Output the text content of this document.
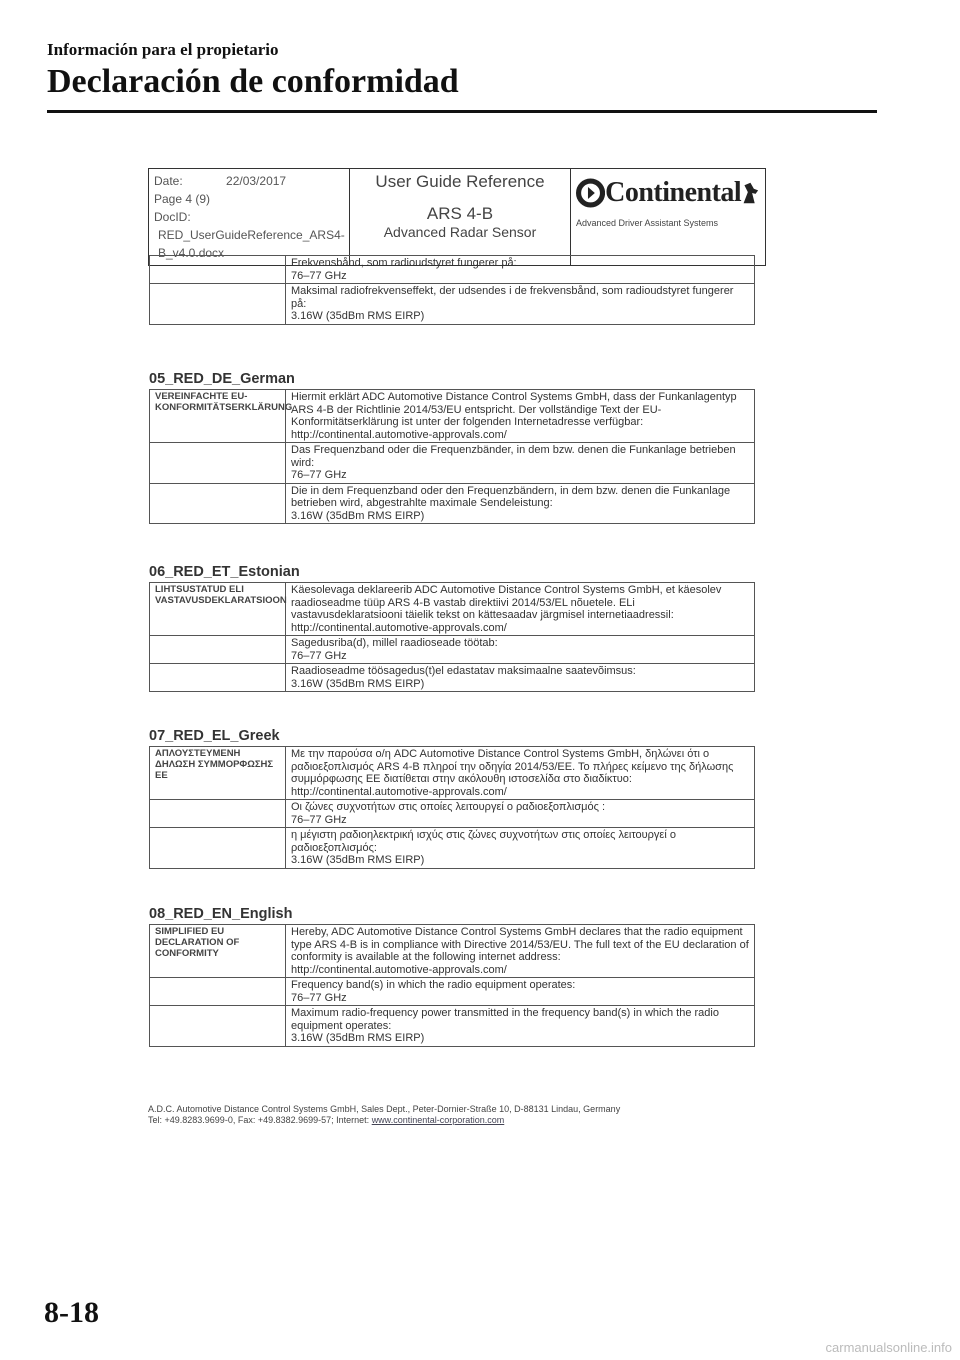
Información para el propietario

Declaración de conformidad
Date:	22/03/2017
Page 4 (9)
DocID:
RED_UserGuideReference_ARS4-B_v4.0.docx

User Guide Reference
ARS 4-B
Advanced Radar Sensor

Continental
Advanced Driver Assistant Systems
	Frekvensbånd, som radioudstyret fungerer på:
76–77 GHz
	Maksimal radiofrekvenseffekt, der udsendes i de frekvensbånd, som radioudstyret fungerer på:
3.16W (35dBm RMS EIRP)
05_RED_DE_German
VEREINFACHTE EU-KONFORMITÄTSERKLÄRUNG	Hiermit erklärt ADC Automotive Distance Control Systems GmbH, dass der Funkanlagentyp ARS 4-B der Richtlinie 2014/53/EU entspricht. Der vollständige Text der EU-Konformitätserklärung ist unter der folgenden Internetadresse verfügbar:
http://continental.automotive-approvals.com/
	Das Frequenzband oder die Frequenzbänder, in dem bzw. denen die Funkanlage betrieben wird:
76–77 GHz
	Die in dem Frequenzband oder den Frequenzbändern, in dem bzw. denen die Funkanlage betrieben wird, abgestrahlte maximale Sendeleistung:
3.16W (35dBm RMS EIRP)
06_RED_ET_Estonian
LIHTSUSTATUD ELI VASTAVUSDEKLARATSIOON	Käesolevaga deklareerib ADC Automotive Distance Control Systems GmbH, et käesolev raadioseadme tüüp ARS 4-B vastab direktiivi 2014/53/EL nõuetele. ELi vastavusdeklaratsiooni täielik tekst on kättesaadav järgmisel internetiaadressil:
http://continental.automotive-approvals.com/
	Sagedusriba(d), millel raadioseade töötab:
76–77 GHz
	Raadioseadme töösagedus(t)el edastatav maksimaalne saatevõimsus:
3.16W (35dBm RMS EIRP)
07_RED_EL_Greek
ΑΠΛΟΥΣΤΕΥΜΕΝΗ ΔΗΛΩΣΗ ΣΥΜΜΟΡΦΩΣΗΣ ΕΕ	Με την παρούσα ο/η ADC Automotive Distance Control Systems GmbH, δηλώνει ότι ο ραδιοεξοπλισμός ARS 4-B πληροί την οδηγία 2014/53/ΕΕ. Το πλήρες κείμενο της δήλωσης συμμόρφωσης ΕΕ διατίθεται στην ακόλουθη ιστοσελίδα στο διαδίκτυο:
http://continental.automotive-approvals.com/
	Οι ζώνες συχνοτήτων στις οποίες λειτουργεί ο ραδιοεξοπλισμός :
76–77 GHz
	η μέγιστη ραδιοηλεκτρική ισχύς στις ζώνες συχνοτήτων στις οποίες λειτουργεί ο ραδιοεξοπλισμός:
3.16W (35dBm RMS EIRP)
08_RED_EN_English
SIMPLIFIED EU DECLARATION OF CONFORMITY	Hereby, ADC Automotive Distance Control Systems GmbH declares that the radio equipment type ARS 4-B is in compliance with Directive 2014/53/EU. The full text of the EU declaration of conformity is available at the following internet address:
http://continental.automotive-approvals.com/
	Frequency band(s) in which the radio equipment operates:
76–77 GHz
	Maximum radio-frequency power transmitted in the frequency band(s) in which the radio equipment operates:
3.16W (35dBm RMS EIRP)
A.D.C. Automotive Distance Control Systems GmbH, Sales Dept., Peter-Dornier-Straße 10, D-88131 Lindau, Germany
Tel: +49.8283.9699-0, Fax: +49.8382.9699-57; Internet: www.continental-corporation.com
8-18
carmanualsonline.info
